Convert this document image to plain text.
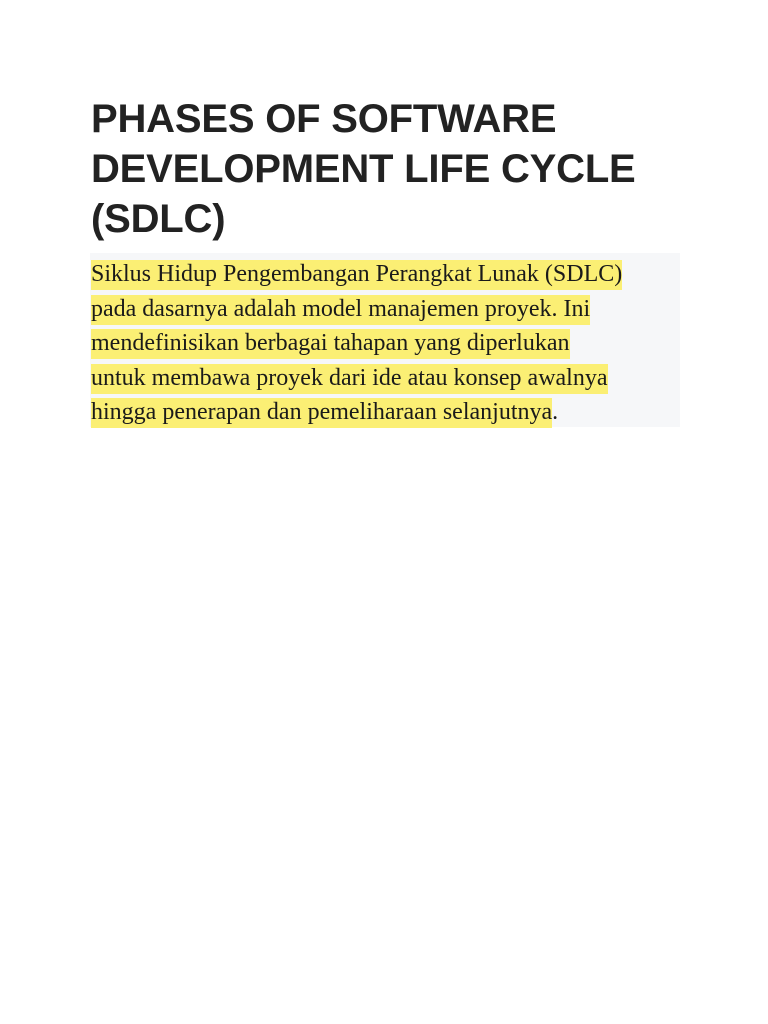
PHASES OF SOFTWARE
DEVELOPMENT LIFE CYCLE
(SDLC)

Siklus Hidup Pengembangan Perangkat Lunak (SDLC)
pada dasarnya adalah model manajemen proyek. Ini
mendefinisikan berbagai tahapan yang diperlukan
untuk membawa proyek dari ide atau konsep awalnya
hingga penerapan dan pemeliharaan selanjutnya.
